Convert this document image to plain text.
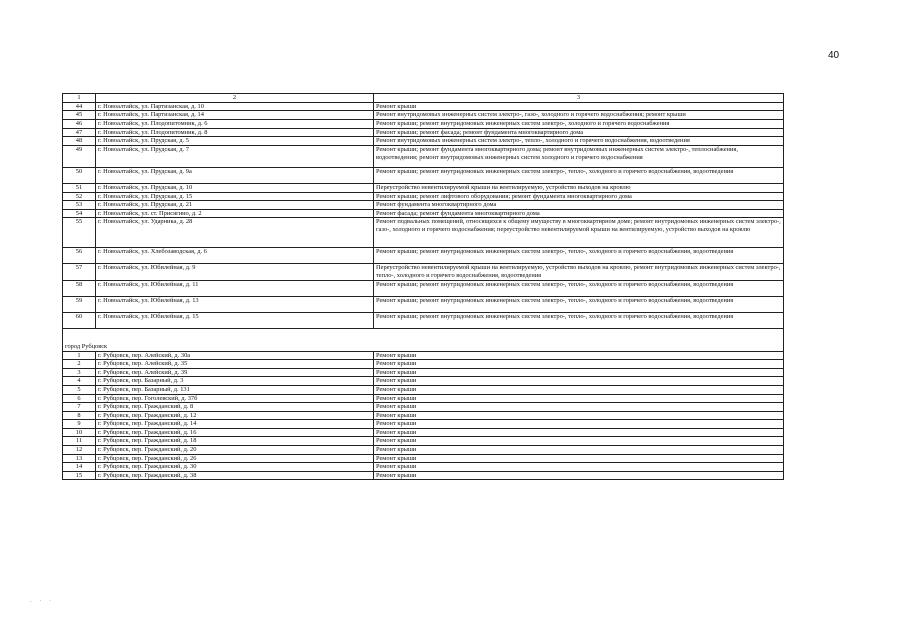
40
1	2	3
44	г. Новоалтайск, ул. Партизанская, д. 10	Ремонт крыши
45	г. Новоалтайск, ул. Партизанская, д. 14	Ремонт внутридомовых инженерных систем электро-, газо-, холодного и горячего водоснабжения; ремонт крыши
46	г. Новоалтайск, ул. Плодопитомник, д. 6	Ремонт крыши; ремонт внутридомовых инженерных систем электро-, холодного и горячего водоснабжения
47	г. Новоалтайск, ул. Плодопитомник, д. 8	Ремонт крыши; ремонт фасада; ремонт фундамента многоквартирного дома
48	г. Новоалтайск, ул. Прудская, д. 5	Ремонт внутридомовых инженерных систем электро-, тепло-, холодного и горячего водоснабжения, водоотведения
49	г. Новоалтайск, ул. Прудская, д. 7	Ремонт крыши; ремонт фундамента многоквартирного дома; ремонт внутридомовых инженерных систем электро-, теплоснабжения, водоотведения; ремонт внутридомовых инженерных систем холодного и горячего водоснабжения
50	г. Новоалтайск, ул. Прудская, д. 9а	Ремонт крыши; ремонт внутридомовых инженерных систем электро-, тепло-, холодного и горячего водоснабжения, водоотведения
51	г. Новоалтайск, ул. Прудская, д. 10	Переустройство невентилируемой крыши на вентилируемую, устройство выходов на кровлю
52	г. Новоалтайск, ул. Прудская, д. 15	Ремонт крыши; ремонт лифтового оборудования; ремонт фундамента многоквартирного дома
53	г. Новоалтайск, ул. Прудская, д. 21	Ремонт фундамента многоквартирного дома
54	г. Новоалтайск, ул. ст. Присягино, д. 2	Ремонт фасада; ремонт фундамента многоквартирного дома
55	г. Новоалтайск, ул. Ударника, д. 28	Ремонт подвальных помещений, относящихся к общему имуществу в многоквартирном доме; ремонт внутридомовых инженерных систем электро-, газо-, холодного и горячего водоснабжения; переустройство невентилируемой крыши на вентилируемую, устройство выходов на кровлю
56	г. Новоалтайск, ул. Хлебозаводская, д. 6	Ремонт крыши; ремонт внутридомовых инженерных систем электро-, тепло-, холодного и горячего водоснабжения, водоотведения
57	г. Новоалтайск, ул. Юбилейная, д. 9	Переустройство невентилируемой крыши на вентилируемую, устройство выходов на кровлю, ремонт внутридомовых инженерных систем электро-, тепло-, холодного и горячего водоснабжения, водоотведения
58	г. Новоалтайск, ул. Юбилейная, д. 11	Ремонт крыши; ремонт внутридомовых инженерных систем электро-, тепло-, холодного и горячего водоснабжения, водоотведения
59	г. Новоалтайск, ул. Юбилейная, д. 13	Ремонт крыши; ремонт внутридомовых инженерных систем электро-, тепло-, холодного и горячего водоснабжения, водоотведения
60	г. Новоалтайск, ул. Юбилейная, д. 15	Ремонт крыши; ремонт внутридомовых инженерных систем электро-, тепло-, холодного и горячего водоснабжения, водоотведения
город Рубцовск		
1	г. Рубцовск, пер. Алейский, д. 30а	Ремонт крыши
2	г. Рубцовск, пер. Алейский, д. 35	Ремонт крыши
3	г. Рубцовск, пер. Алейский, д. 39	Ремонт крыши
4	г. Рубцовск, пер. Базарный, д. 3	Ремонт крыши
5	г. Рубцовск, пер. Базарный, д. 131	Ремонт крыши
6	г. Рубцовск, пер. Гоголевский, д. 37б	Ремонт крыши
7	г. Рубцовск, пер. Гражданский, д. 8	Ремонт крыши
8	г. Рубцовск, пер. Гражданский, д. 12	Ремонт крыши
9	г. Рубцовск, пер. Гражданский, д. 14	Ремонт крыши
10	г. Рубцовск, пер. Гражданский, д. 16	Ремонт крыши
11	г. Рубцовск, пер. Гражданский, д. 18	Ремонт крыши
12	г. Рубцовск, пер. Гражданский, д. 20	Ремонт крыши
13	г. Рубцовск, пер. Гражданский, д. 26	Ремонт крыши
14	г. Рубцовск, пер. Гражданский, д. 30	Ремонт крыши
15	г. Рубцовск, пер. Гражданский, д. 38	Ремонт крыши
. · ·
